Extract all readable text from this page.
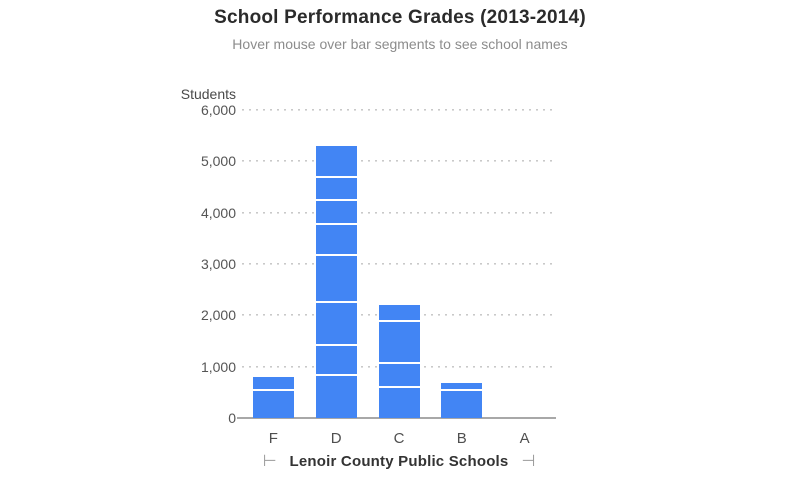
School Performance Grades (2013-2014)
Hover mouse over bar segments to see school names
Students
0
1,000
2,000
3,000
4,000
5,000
6,000
F	D	C	B	A
⊢ Lenoir County Public Schools ⊣
